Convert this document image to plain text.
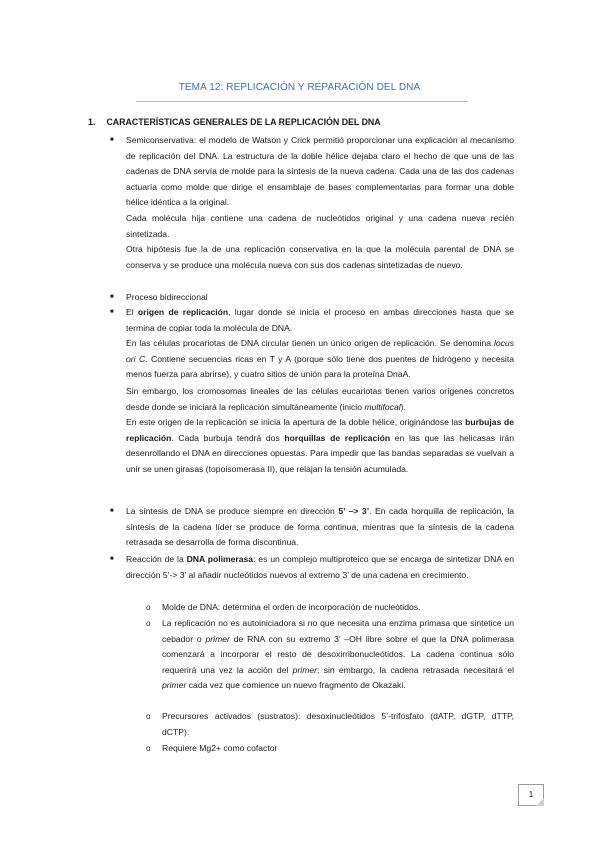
TEMA 12: REPLICACIÓN Y REPARACIÓN DEL DNA
1. CARACTERÍSTICAS GENERALES DE LA REPLICACIÓN DEL DNA
■ Semiconservativa: el modelo de Watson y Crick permitió proporcionar una explicación al mecanismo de replicación del DNA. La estructura de la doble hélice dejaba claro el hecho de que una de las cadenas de DNA servía de molde para la síntesis de la nueva cadena. Cada una de las dos cadenas actuaría como molde que dirige el ensamblaje de bases complementarias para formar una doble hélice idéntica a la original.
Cada molécula hija contiene una cadena de nucleótidos original y una cadena nueva recién sintetizada.
Otra hipótesis fue la de una replicación conservativa en la que la molécula parental de DNA se conserva y se produce una molécula nueva con sus dos cadenas sintetizadas de nuevo.
■ Proceso bidireccional
■ El origen de replicación, lugar donde se inicia el proceso en ambas direcciones hasta que se termina de copiar toda la molécula de DNA.
En las células procariotas de DNA circular tienen un único origen de replicación. Se denomina locus ori C. Contiene secuencias ricas en T y A (porque sólo tiene dos puentes de hidrógeno y necesita menos fuerza para abrirse), y cuatro sitios de unión para la proteína DnaA.
Sin embargo, los cromosomas lineales de las células eucariotas tienen varios orígenes concretos desde donde se iniciará la replicación simultáneamente (inicio multifocal).
En este origen de la replicación se inicia la apertura de la doble hélice, originándose las burbujas de replicación. Cada burbuja tendrá dos horquillas de replicación en las que las helicasas irán desenrollando el DNA en direcciones opuestas. Para impedir que las bandas separadas se vuelvan a unir se unen girasas (topoisomerasa II), que relajan la tensión acumulada.
■ La síntesis de DNA se produce siempre en dirección 5’ –> 3’. En cada horquilla de replicación, la síntesis de la cadena líder se produce de forma continua, mientras que la síntesis de la cadena retrasada se desarrolla de forma discontinua.
■ Reacción de la DNA polimerasa: es un complejo multiproteico que se encarga de sintetizar DNA en dirección 5’-> 3’ al añadir nucleótidos nuevos al extremo 3’ de una cadena en crecimiento.
o Molde de DNA: determina el orden de incorporación de nucleótidos.
o La replicación no es autoiniciadora si no que necesita una enzima primasa que sintetice un cebador o primer de RNA con su extremo 3’ –OH libre sobre el que la DNA polimerasa comenzará a incorporar el resto de desoxirribonucleótidos. La cadena continua sólo requerirá una vez la acción del primer; sin embargo, la cadena retrasada necesitará el primer cada vez que comience un nuevo fragmento de Okazaki.
o Precursores activados (sustratos): desoxinucleótidos 5’-trifosfato (dATP, dGTP, dTTP, dCTP).
o Requiere Mg2+ como cofactor
1
